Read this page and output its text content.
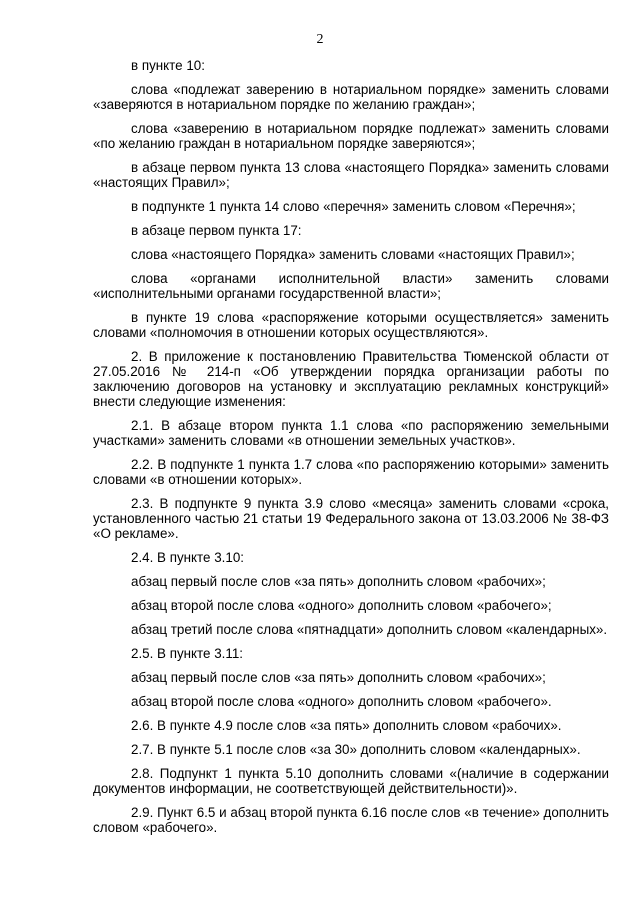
2

в пункте 10:

слова «подлежат заверению в нотариальном порядке» заменить словами «заверяются в нотариальном порядке по желанию граждан»;

слова «заверению в нотариальном порядке подлежат» заменить словами «по желанию граждан в нотариальном порядке заверяются»;

в абзаце первом пункта 13 слова «настоящего Порядка» заменить словами «настоящих Правил»;

в подпункте 1 пункта 14 слово «перечня» заменить словом «Перечня»;

в абзаце первом пункта 17:

слова «настоящего Порядка» заменить словами «настоящих Правил»;

слова «органами исполнительной власти» заменить словами «исполнительными органами государственной власти»;

в пункте 19 слова «распоряжение которыми осуществляется» заменить словами «полномочия в отношении которых осуществляются».

2. В приложение к постановлению Правительства Тюменской области от 27.05.2016 № 214-п «Об утверждении порядка организации работы по заключению договоров на установку и эксплуатацию рекламных конструкций» внести следующие изменения:

2.1. В абзаце втором пункта 1.1 слова «по распоряжению земельными участками» заменить словами «в отношении земельных участков».

2.2. В подпункте 1 пункта 1.7 слова «по распоряжению которыми» заменить словами «в отношении которых».

2.3. В подпункте 9 пункта 3.9 слово «месяца» заменить словами «срока, установленного частью 21 статьи 19 Федерального закона от 13.03.2006 № 38-ФЗ «О рекламе».

2.4. В пункте 3.10:

абзац первый после слов «за пять» дополнить словом «рабочих»;

абзац второй после слова «одного» дополнить словом «рабочего»;

абзац третий после слова «пятнадцати» дополнить словом «календарных».

2.5. В пункте 3.11:

абзац первый после слов «за пять» дополнить словом «рабочих»;

абзац второй после слова «одного» дополнить словом «рабочего».

2.6. В пункте 4.9 после слов «за пять» дополнить словом «рабочих».

2.7. В пункте 5.1 после слов «за 30» дополнить словом «календарных».

2.8. Подпункт 1 пункта 5.10 дополнить словами «(наличие в содержании документов информации, не соответствующей действительности)».

2.9. Пункт 6.5 и абзац второй пункта 6.16 после слов «в течение» дополнить словом «рабочего».
